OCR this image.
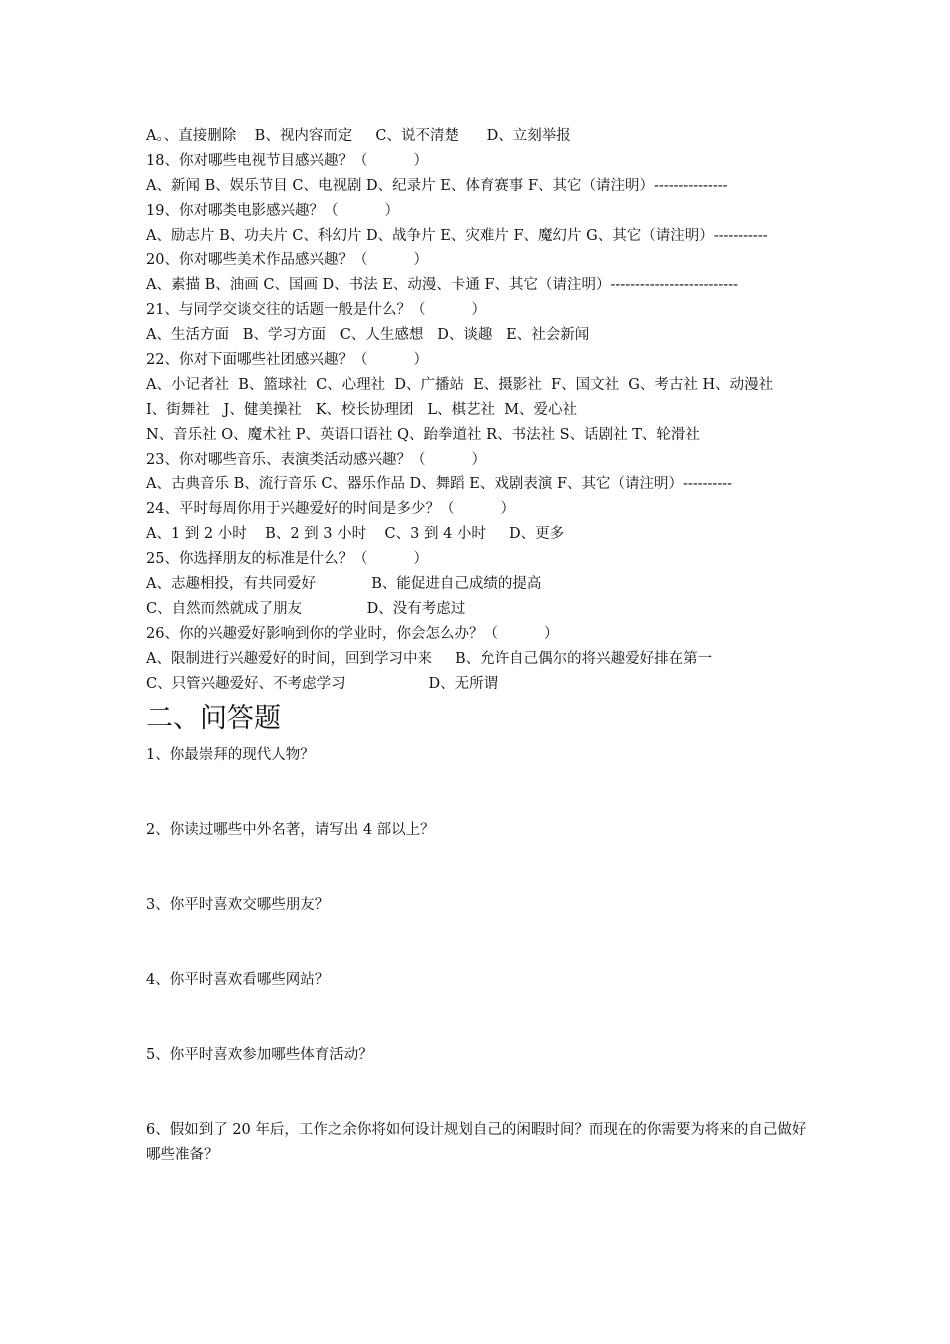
A。、直接删除    B、视内容而定     C、说不清楚      D、立刻举报
18、你对哪些电视节目感兴趣？（          ）
A、新闻 B、娱乐节目 C、电视剧 D、纪录片 E、体育赛事 F、其它（请注明）---------------
19、你对哪类电影感兴趣？（          ）
A、励志片 B、功夫片 C、科幻片 D、战争片 E、灾难片 F、魔幻片 G、其它（请注明）-----------
20、你对哪些美术作品感兴趣？（          ）
A、素描 B、油画 C、国画 D、书法 E、动漫、卡通 F、其它（请注明）--------------------------
21、与同学交谈交往的话题一般是什么？（          ）
A、生活方面   B、学习方面   C、人生感想   D、谈趣   E、社会新闻
22、你对下面哪些社团感兴趣？（          ）
A、小记者社  B、篮球社  C、心理社  D、广播站  E、摄影社  F、国文社  G、考古社 H、动漫社
I、街舞社   J、健美操社   K、校长协理团   L、棋艺社  M、爱心社
N、音乐社 O、魔术社 P、英语口语社 Q、跆拳道社 R、书法社 S、话剧社 T、轮滑社
23、你对哪些音乐、表演类活动感兴趣？（          ）
A、古典音乐 B、流行音乐 C、器乐作品 D、舞蹈 E、戏剧表演 F、其它（请注明）----------
24、平时每周你用于兴趣爱好的时间是多少？（          ）
A、1 到 2 小时    B、2 到 3 小时    C、3 到 4 小时     D、更多
25、你选择朋友的标准是什么？（          ）
A、志趣相投，有共同爱好            B、能促进自己成绩的提高
C、自然而然就成了朋友              D、没有考虑过
26、你的兴趣爱好影响到你的学业时，你会怎么办？（          ）
A、限制进行兴趣爱好的时间，回到学习中来     B、允许自己偶尔的将兴趣爱好排在第一
C、只管兴趣爱好、不考虑学习                  D、无所谓
二、问答题
1、你最崇拜的现代人物？
2、你读过哪些中外名著，请写出 4 部以上？
3、你平时喜欢交哪些朋友？
4、你平时喜欢看哪些网站？
5、你平时喜欢参加哪些体育活动？
6、假如到了 20 年后，工作之余你将如何设计规划自己的闲暇时间？而现在的你需要为将来的自己做好哪些准备？
